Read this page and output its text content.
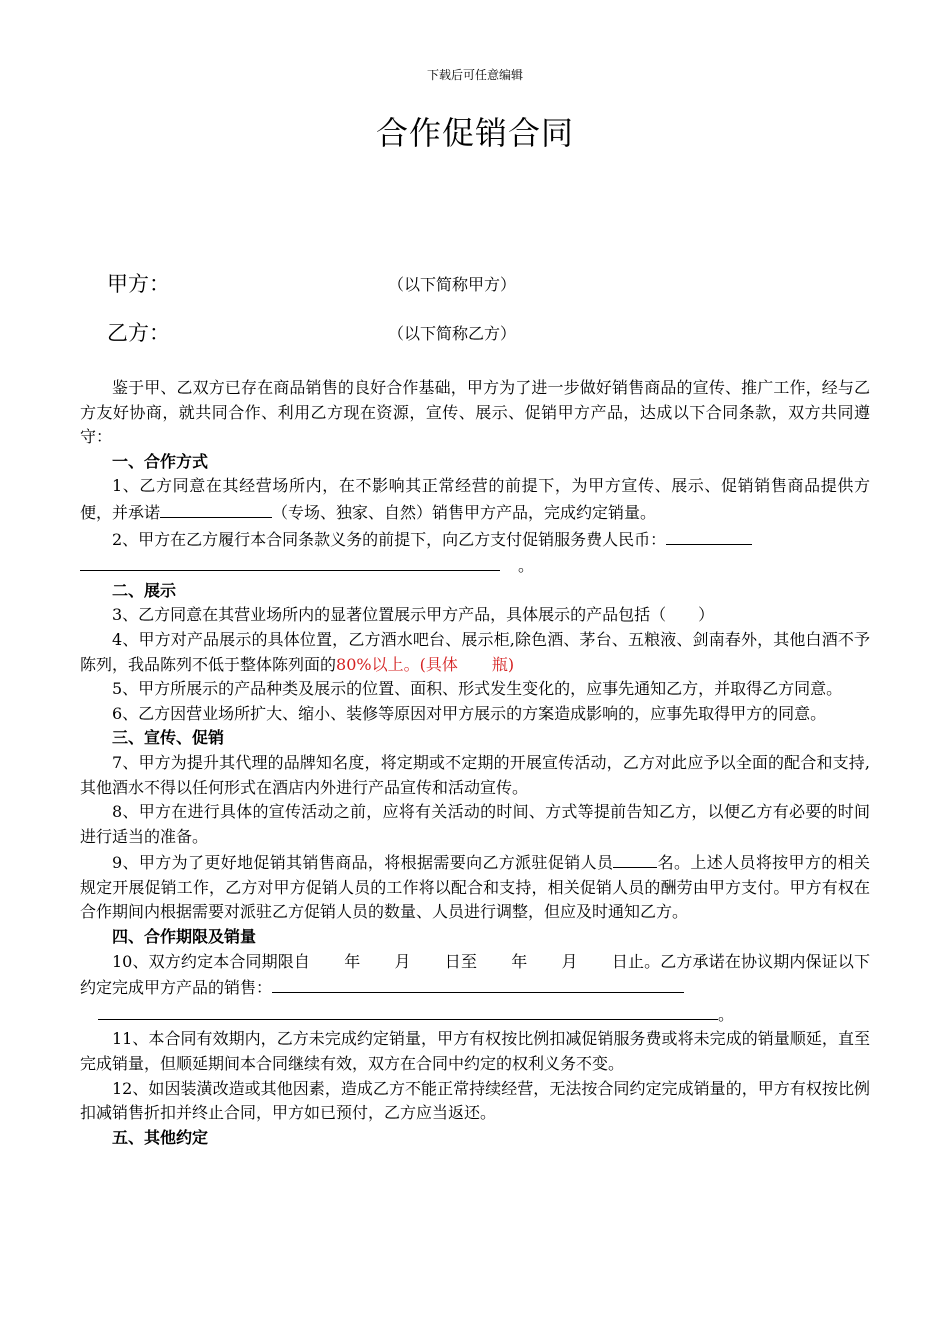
下载后可任意编辑
合作促销合同
甲方：	（以下简称甲方）
乙方：	（以下简称乙方）

鉴于甲、乙双方已存在商品销售的良好合作基础，甲方为了进一步做好销售商品的宣传、推广工作，经与乙方友好协商，就共同合作、利用乙方现在资源，宣传、展示、促销甲方产品，达成以下合同条款，双方共同遵守：

一、合作方式

1、乙方同意在其经营场所内，在不影响其正常经营的前提下，为甲方宣传、展示、促销销售商品提供方便，并承诺	（专场、独家、自然）销售甲方产品，完成约定销量。

2、甲方在乙方履行本合同条款义务的前提下，向乙方支付促销服务费人民币：

。

二、展示

3、乙方同意在其营业场所内的显著位置展示甲方产品，具体展示的产品包括（　　）

4、甲方对产品展示的具体位置，乙方酒水吧台、展示柜,除色酒、茅台、五粮液、剑南春外，其他白酒不予陈列，我品陈列不低于整体陈列面的80%以上。(具体 瓶)

5、甲方所展示的产品种类及展示的位置、面积、形式发生变化的，应事先通知乙方，并取得乙方同意。

6、乙方因营业场所扩大、缩小、装修等原因对甲方展示的方案造成影响的，应事先取得甲方的同意。

三、宣传、促销

7、甲方为提升其代理的品牌知名度，将定期或不定期的开展宣传活动，乙方对此应予以全面的配合和支持,其他酒水不得以任何形式在酒店内外进行产品宣传和活动宣传。

8、甲方在进行具体的宣传活动之前，应将有关活动的时间、方式等提前告知乙方，以便乙方有必要的时间进行适当的准备。

9、甲方为了更好地促销其销售商品，将根据需要向乙方派驻促销人员	名。上述人员将按甲方的相关规定开展促销工作，乙方对甲方促销人员的工作将以配合和支持，相关促销人员的酬劳由甲方支付。甲方有权在合作期间内根据需要对派驻乙方促销人员的数量、人员进行调整，但应及时通知乙方。

四、合作期限及销量

10、双方约定本合同期限自 年 月 日至 年 月 日止。乙方承诺在协议期内保证以下约定完成甲方产品的销售：

。

11、本合同有效期内，乙方未完成约定销量，甲方有权按比例扣减促销服务费或将未完成的销量顺延，直至完成销量，但顺延期间本合同继续有效，双方在合同中约定的权利义务不变。

12、如因装潢改造或其他因素，造成乙方不能正常持续经营，无法按合同约定完成销量的，甲方有权按比例扣减销售折扣并终止合同，甲方如已预付，乙方应当返还。

五、其他约定
